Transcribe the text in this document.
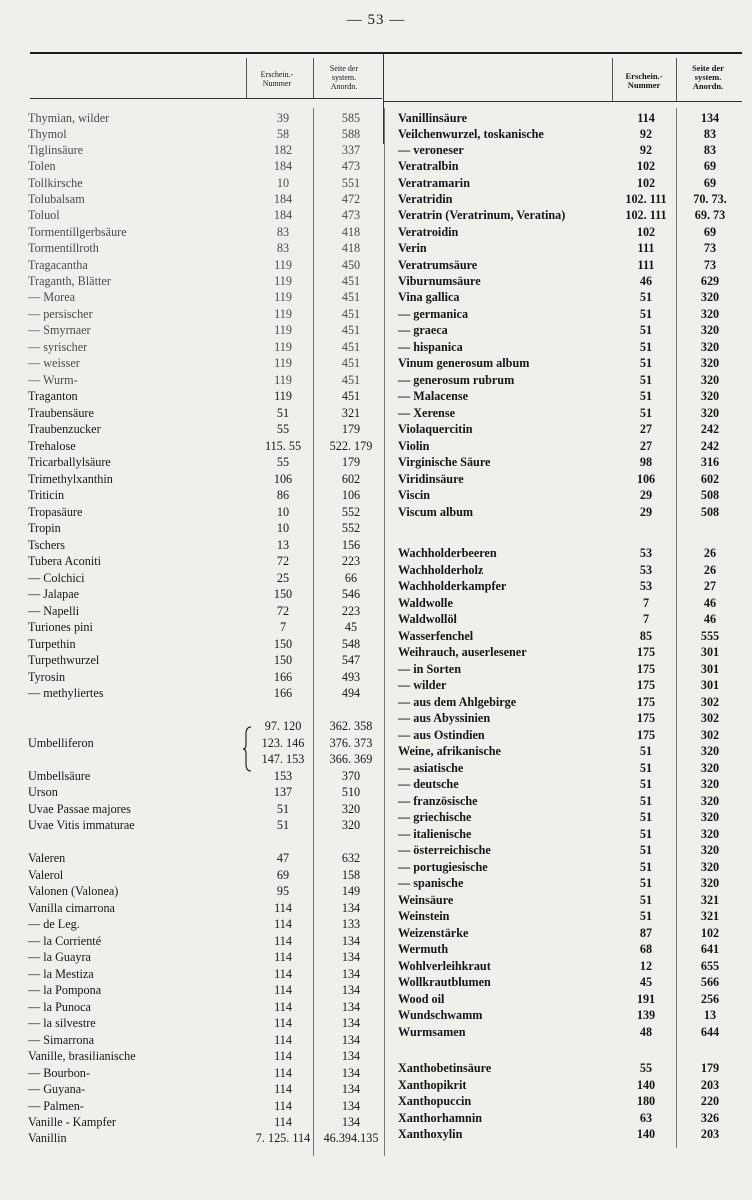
— 53 —
Erschein.-
Nummer
Seite der
system.
Anordn.
Erschein.-
Nummer
Seite der
system.
Anordn.
Thymian, wilder	39	585
Thymol	58	588
Tiglinsäure	182	337
Tolen	184	473
Tollkirsche	10	551
Tolubalsam	184	472
Toluol	184	473
Tormentillgerbsäure	83	418
Tormentillroth	83	418
Tragacantha	119	450
Traganth, Blätter	119	451
— Morea	119	451
— persischer	119	451
— Smyrnaer	119	451
— syrischer	119	451
— weisser	119	451
— Wurm-	119	451
Traganton	119	451
Traubensäure	51	321
Traubenzucker	55	179
Trehalose	115. 55	522. 179
Tricarballylsäure	55	179
Trimethylxanthin	106	602
Triticin	86	106
Tropasäure	10	552
Tropin	10	552
Tschers	13	156
Tubera Aconiti	72	223
— Colchici	25	66
— Jalapae	150	546
— Napelli	72	223
Turiones pini	7	45
Turpethin	150	548
Turpethwurzel	150	547
Tyrosin	166	493
— methyliertes	166	494
97. 120	362. 358
Umbelliferon	123. 146	376. 373
147. 153	366. 369
Umbellsäure	153	370
Urson	137	510
Uvae Passae majores	51	320
Uvae Vitis immaturae	51	320
Valeren	47	632
Valerol	69	158
Valonen (Valonea)	95	149
Vanilla cimarrona	114	134
— de Leg.	114	133
— la Corrienté	114	134
— la Guayra	114	134
— la Mestiza	114	134
— la Pompona	114	134
— la Punoca	114	134
— la silvestre	114	134
— Simarrona	114	134
Vanille, brasilianische	114	134
— Bourbon-	114	134
— Guyana-	114	134
— Palmen-	114	134
Vanille - Kampfer	114	134
Vanillin	7. 125. 114	46.394.135
Vanillinsäure	114	134
Veilchenwurzel, toskanische	92	83
— veroneser	92	83
Veratralbin	102	69
Veratramarin	102	69
Veratridin	102. 111	70. 73.
Veratrin (Veratrinum, Veratina)	102. 111	69. 73
Veratroidin	102	69
Verin	111	73
Veratrumsäure	111	73
Viburnumsäure	46	629
Vina gallica	51	320
— germanica	51	320
— graeca	51	320
— hispanica	51	320
Vinum generosum album	51	320
— generosum rubrum	51	320
— Malacense	51	320
— Xerense	51	320
Violaquercitin	27	242
Violin	27	242
Virginische Säure	98	316
Viridinsäure	106	602
Viscin	29	508
Viscum album	29	508
Wachholderbeeren	53	26
Wachholderholz	53	26
Wachholderkampfer	53	27
Waldwolle	7	46
Waldwollöl	7	46
Wasserfenchel	85	555
Weihrauch, auserlesener	175	301
— in Sorten	175	301
— wilder	175	301
— aus dem Ahlgebirge	175	302
— aus Abyssinien	175	302
— aus Ostindien	175	302
Weine, afrikanische	51	320
— asiatische	51	320
— deutsche	51	320
— französische	51	320
— griechische	51	320
— italienische	51	320
— österreichische	51	320
— portugiesische	51	320
— spanische	51	320
Weinsäure	51	321
Weinstein	51	321
Weizenstärke	87	102
Wermuth	68	641
Wohlverleihkraut	12	655
Wollkrautblumen	45	566
Wood oil	191	256
Wundschwamm	139	13
Wurmsamen	48	644
Xanthobetinsäure	55	179
Xanthopikrit	140	203
Xanthopuccin	180	220
Xanthorhamnin	63	326
Xanthoxylin	140	203
